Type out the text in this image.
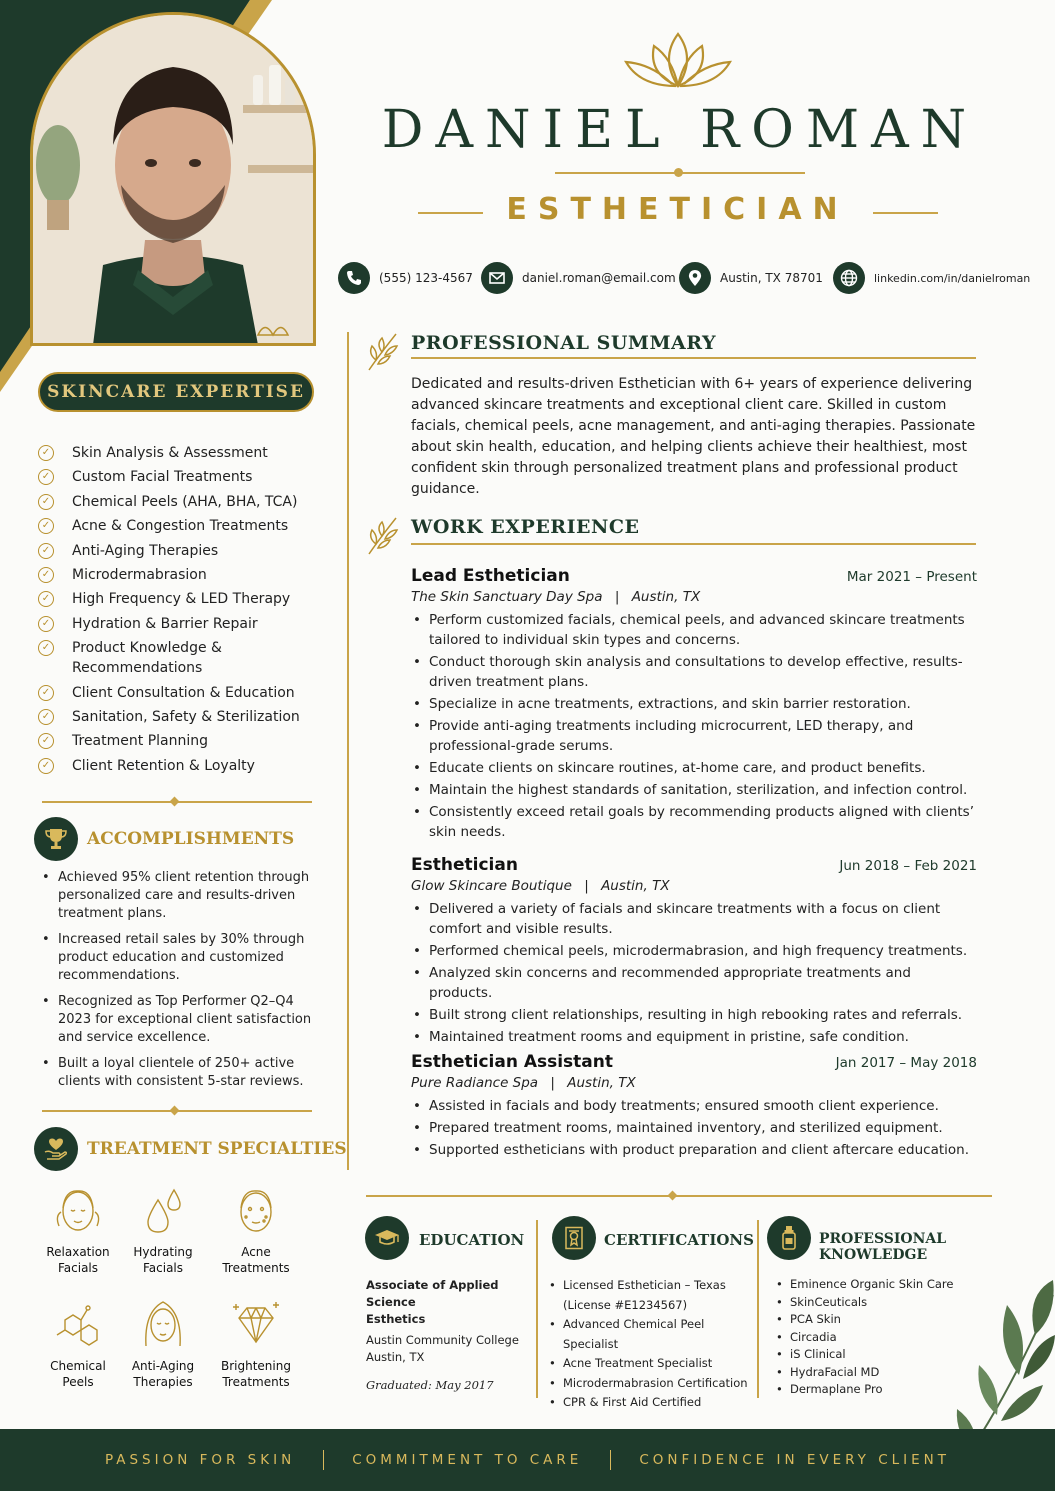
DANIEL ROMAN
ESTHETICIAN
(555) 123-4567	daniel.roman@email.com	Austin, TX 78701	linkedin.com/in/danielroman
PROFESSIONAL SUMMARY
Dedicated and results-driven Esthetician with 6+ years of experience delivering advanced skincare treatments and exceptional client care. Skilled in custom facials, chemical peels, acne management, and anti-aging therapies. Passionate about skin health, education, and helping clients achieve their healthiest, most confident skin through personalized treatment plans and professional product guidance.
WORK EXPERIENCE
Lead Esthetician	Mar 2021 – Present
The Skin Sanctuary Day Spa | Austin, TX
• Perform customized facials, chemical peels, and advanced skincare treatments tailored to individual skin types and concerns.
• Conduct thorough skin analysis and consultations to develop effective, results-driven treatment plans.
• Specialize in acne treatments, extractions, and skin barrier restoration.
• Provide anti-aging treatments including microcurrent, LED therapy, and professional-grade serums.
• Educate clients on skincare routines, at-home care, and product benefits.
• Maintain the highest standards of sanitation, sterilization, and infection control.
• Consistently exceed retail goals by recommending products aligned with clients’ skin needs.
Esthetician	Jun 2018 – Feb 2021
Glow Skincare Boutique | Austin, TX
• Delivered a variety of facials and skincare treatments with a focus on client comfort and visible results.
• Performed chemical peels, microdermabrasion, and high frequency treatments.
• Analyzed skin concerns and recommended appropriate treatments and products.
• Built strong client relationships, resulting in high rebooking rates and referrals.
• Maintained treatment rooms and equipment in pristine, safe condition.
Esthetician Assistant	Jan 2017 – May 2018
Pure Radiance Spa | Austin, TX
• Assisted in facials and body treatments; ensured smooth client experience.
• Prepared treatment rooms, maintained inventory, and sterilized equipment.
• Supported estheticians with product preparation and client aftercare education.
SKINCARE EXPERTISE
✓ Skin Analysis & Assessment
✓ Custom Facial Treatments
✓ Chemical Peels (AHA, BHA, TCA)
✓ Acne & Congestion Treatments
✓ Anti-Aging Therapies
✓ Microdermabrasion
✓ High Frequency & LED Therapy
✓ Hydration & Barrier Repair
✓ Product Knowledge & Recommendations
✓ Client Consultation & Education
✓ Sanitation, Safety & Sterilization
✓ Treatment Planning
✓ Client Retention & Loyalty
ACCOMPLISHMENTS
• Achieved 95% client retention through personalized care and results-driven treatment plans.
• Increased retail sales by 30% through product education and customized recommendations.
• Recognized as Top Performer Q2–Q4 2023 for exceptional client satisfaction and service excellence.
• Built a loyal clientele of 250+ active clients with consistent 5-star reviews.
TREATMENT SPECIALTIES
Relaxation
Facials
Hydrating
Facials
Acne
Treatments
Chemical
Peels
Anti-Aging
Therapies
Brightening
Treatments
EDUCATION
Associate of Applied Science
Esthetics
Austin Community College
Austin, TX
Graduated: May 2017
CERTIFICATIONS
• Licensed Esthetician – Texas (License #E1234567)
• Advanced Chemical Peel Specialist
• Acne Treatment Specialist
• Microdermabrasion Certification
• CPR & First Aid Certified
PROFESSIONAL KNOWLEDGE
• Eminence Organic Skin Care
• SkinCeuticals
• PCA Skin
• Circadia
• iS Clinical
• HydraFacial MD
• Dermaplane Pro
PASSION FOR SKIN	COMMITMENT TO CARE	CONFIDENCE IN EVERY CLIENT
